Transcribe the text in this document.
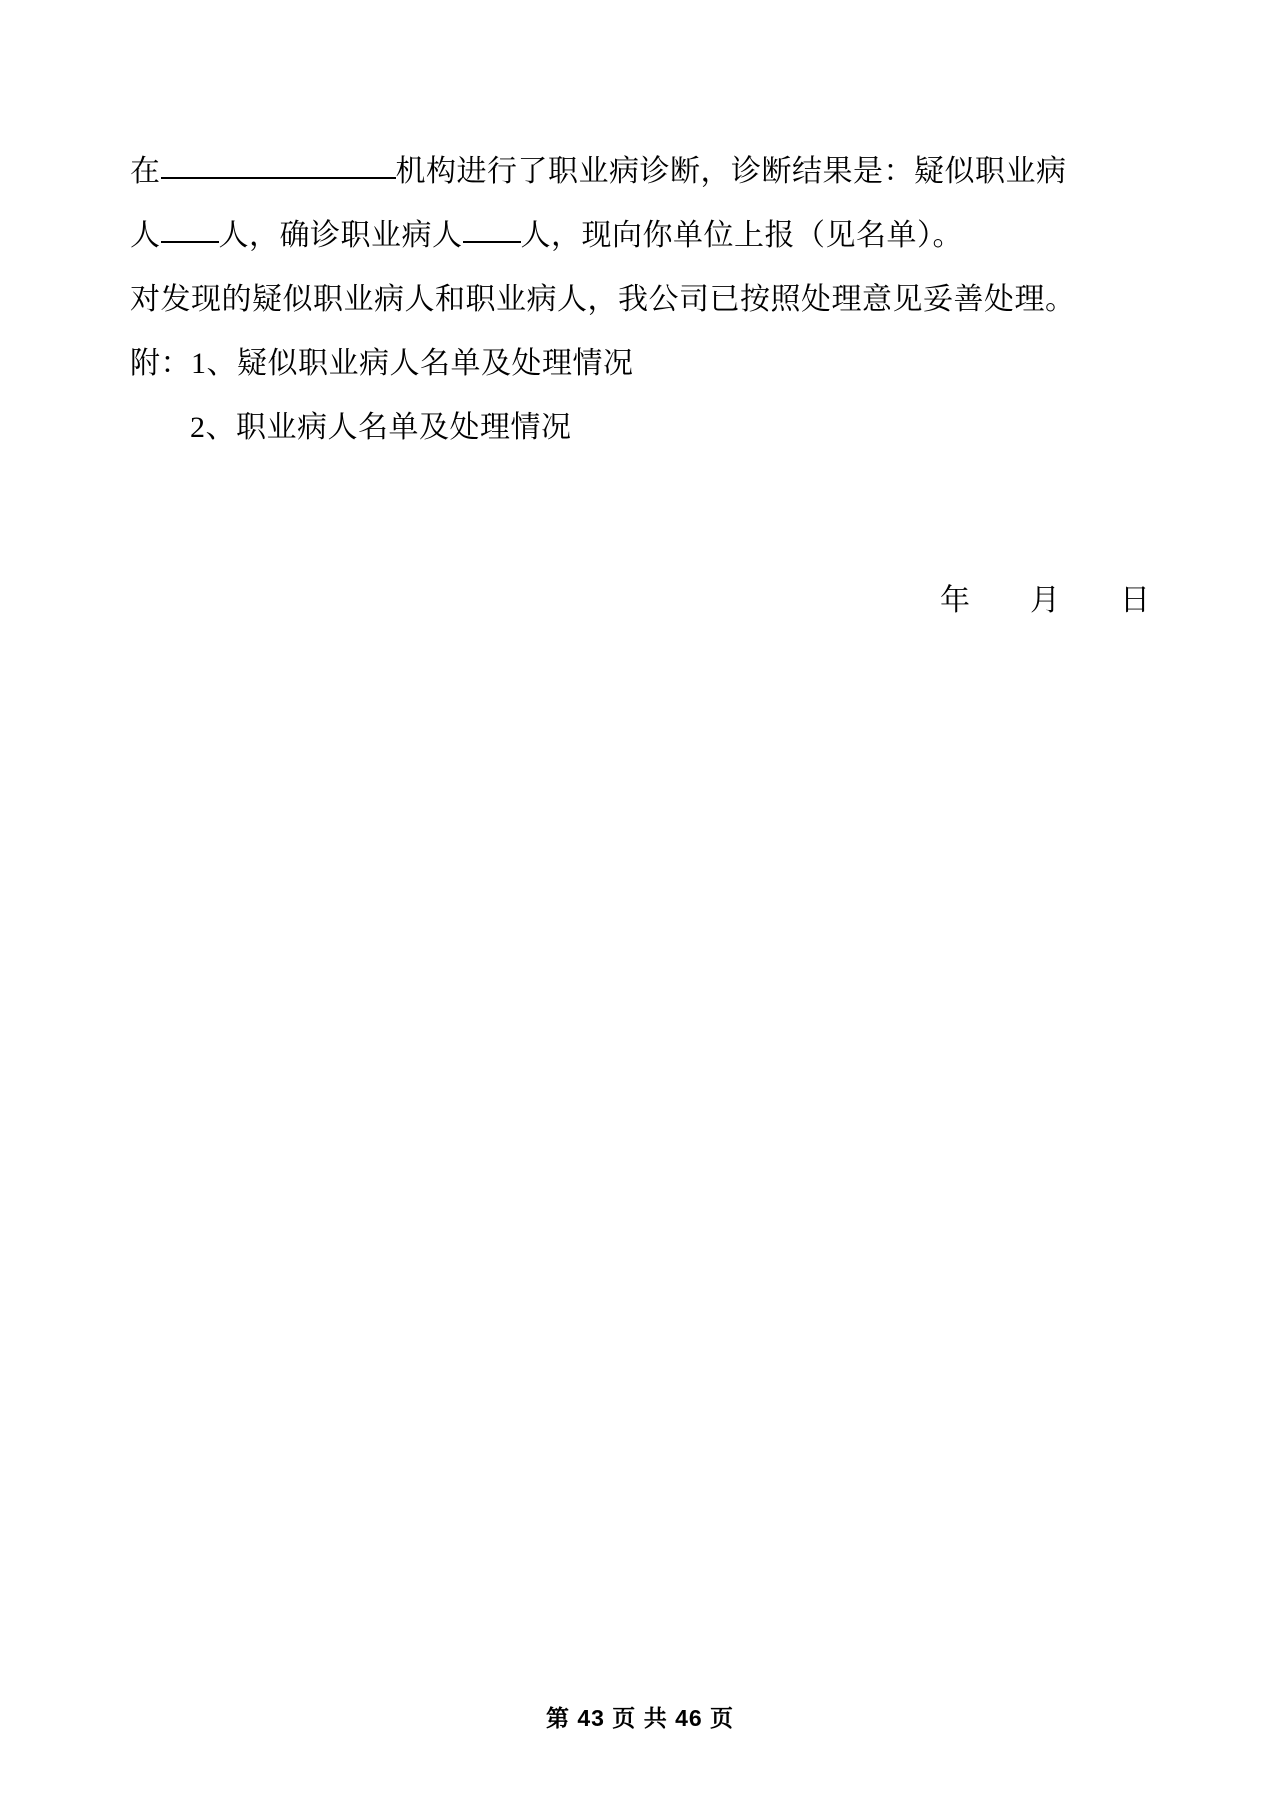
在	机构进行了职业病诊断，诊断结果是：疑似职业病
人 人，确诊职业病人 人，现向你单位上报（见名单）。
对发现的疑似职业病人和职业病人，我公司已按照处理意见妥善处理。
附：1、疑似职业病人名单及处理情况
2、职业病人名单及处理情况
年 月 日
第 43 页 共 46 页
